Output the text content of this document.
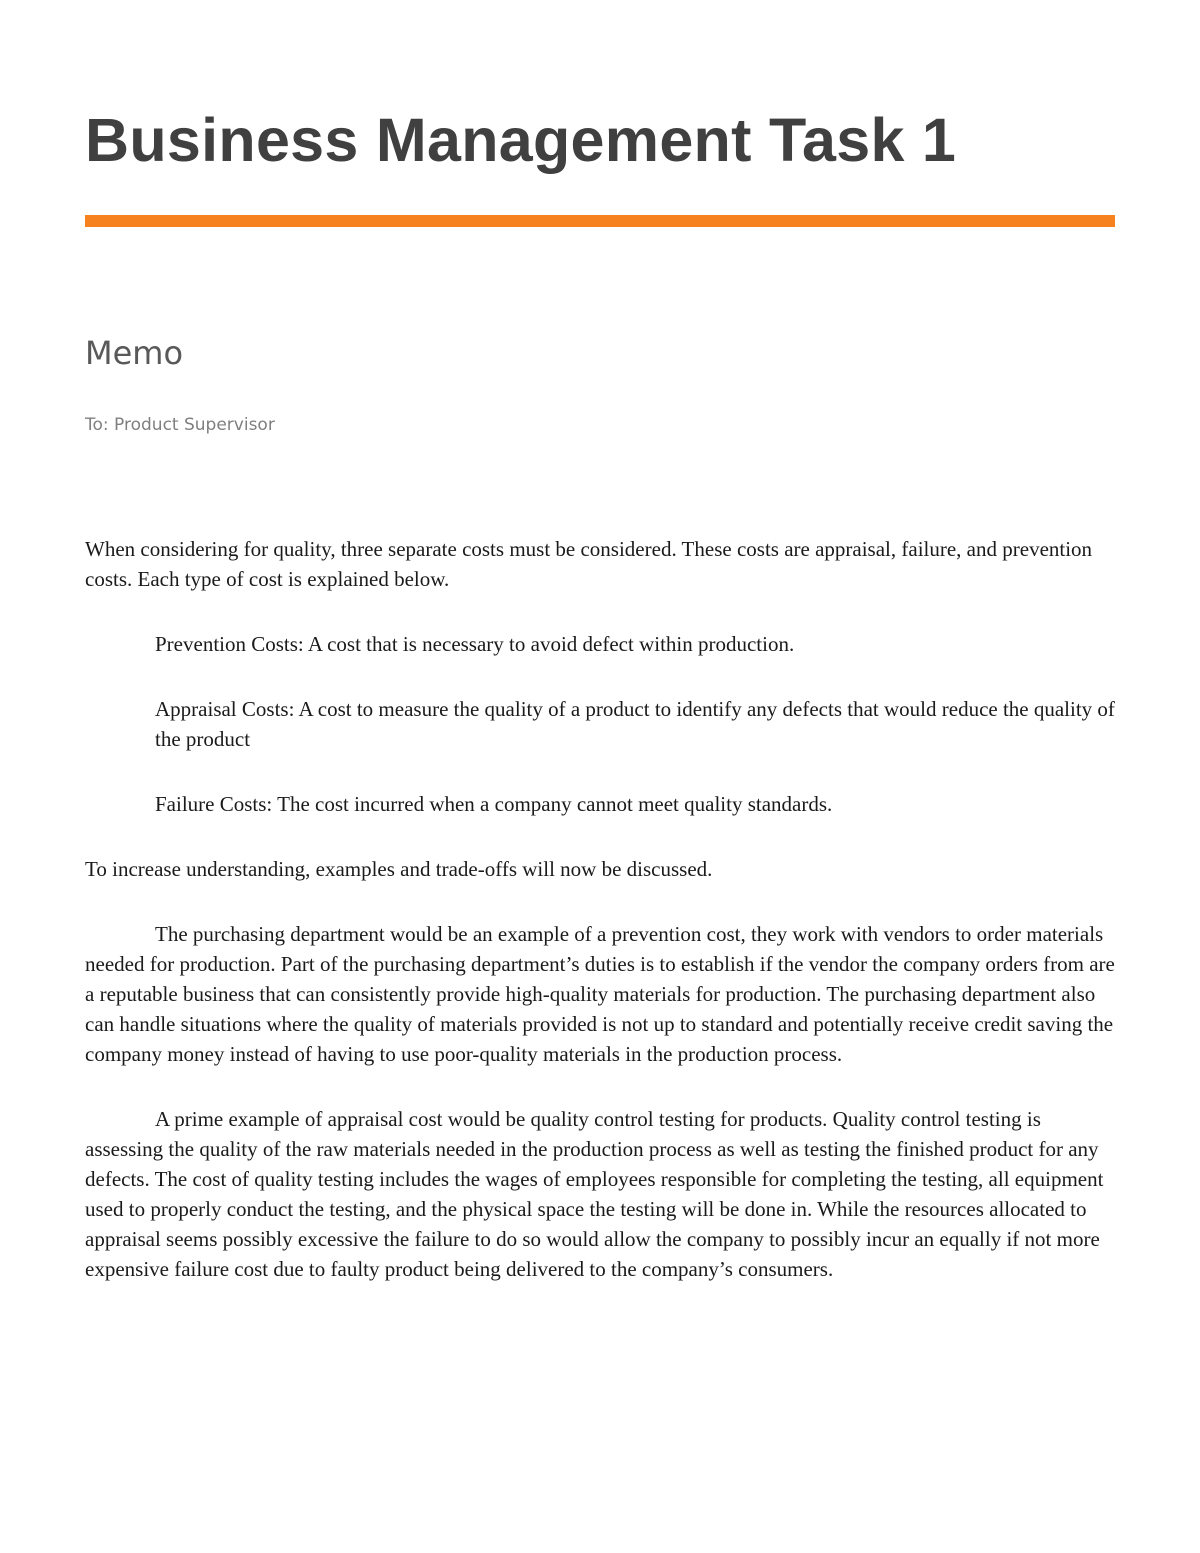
Business Management Task 1
Memo
To: Product Supervisor

When considering for quality, three separate costs must be considered. These costs are appraisal, failure, and prevention costs. Each type of cost is explained below.

Prevention Costs: A cost that is necessary to avoid defect within production.

Appraisal Costs: A cost to measure the quality of a product to identify any defects that would reduce the quality of the product

Failure Costs: The cost incurred when a company cannot meet quality standards.

To increase understanding, examples and trade-offs will now be discussed.

The purchasing department would be an example of a prevention cost, they work with vendors to order materials needed for production. Part of the purchasing department’s duties is to establish if the vendor the company orders from are a reputable business that can consistently provide high-quality materials for production. The purchasing department also can handle situations where the quality of materials provided is not up to standard and potentially receive credit saving the company money instead of having to use poor-quality materials in the production process.

A prime example of appraisal cost would be quality control testing for products. Quality control testing is assessing the quality of the raw materials needed in the production process as well as testing the finished product for any defects. The cost of quality testing includes the wages of employees responsible for completing the testing, all equipment used to properly conduct the testing, and the physical space the testing will be done in. While the resources allocated to appraisal seems possibly excessive the failure to do so would allow the company to possibly incur an equally if not more expensive failure cost due to faulty product being delivered to the company’s consumers.
